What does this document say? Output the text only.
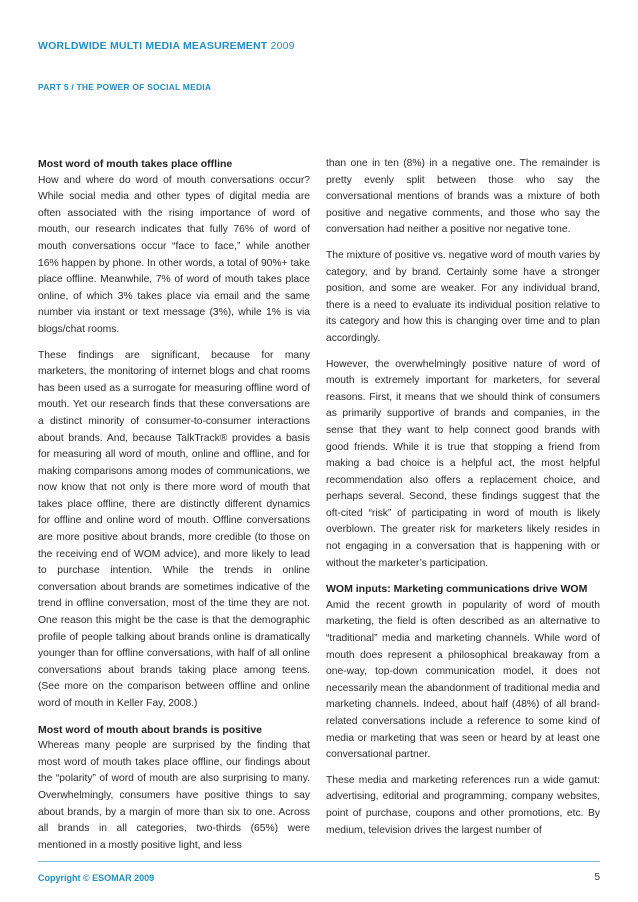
WORLDWIDE MULTI MEDIA MEASUREMENT 2009
PART 5 / THE POWER OF SOCIAL MEDIA
Most word of mouth takes place offline

How and where do word of mouth conversations occur? While social media and other types of digital media are often associated with the rising importance of word of mouth, our research indicates that fully 76% of word of mouth conversations occur “face to face,” while another 16% happen by phone. In other words, a total of 90%+ take place offline. Meanwhile, 7% of word of mouth takes place online, of which 3% takes place via email and the same number via instant or text message (3%), while 1% is via blogs/chat rooms.

These findings are significant, because for many marketers, the monitoring of internet blogs and chat rooms has been used as a surrogate for measuring offline word of mouth. Yet our research finds that these conversations are a distinct minority of consumer-to-consumer interactions about brands. And, because TalkTrack® provides a basis for measuring all word of mouth, online and offline, and for making comparisons among modes of communications, we now know that not only is there more word of mouth that takes place offline, there are distinctly different dynamics for offline and online word of mouth. Offline conversations are more positive about brands, more credible (to those on the receiving end of WOM advice), and more likely to lead to purchase intention. While the trends in online conversation about brands are sometimes indicative of the trend in offline conversation, most of the time they are not. One reason this might be the case is that the demographic profile of people talking about brands online is dramatically younger than for offline conversations, with half of all online conversations about brands taking place among teens. (See more on the comparison between offline and online word of mouth in Keller Fay, 2008.)

Most word of mouth about brands is positive

Whereas many people are surprised by the finding that most word of mouth takes place offline, our findings about the “polarity” of word of mouth are also surprising to many. Overwhelmingly, consumers have positive things to say about brands, by a margin of more than six to one. Across all brands in all categories, two-thirds (65%) were mentioned in a mostly positive light, and less

than one in ten (8%) in a negative one. The remainder is pretty evenly split between those who say the conversational mentions of brands was a mixture of both positive and negative comments, and those who say the conversation had neither a positive nor negative tone.

The mixture of positive vs. negative word of mouth varies by category, and by brand. Certainly some have a stronger position, and some are weaker. For any individual brand, there is a need to evaluate its individual position relative to its category and how this is changing over time and to plan accordingly.

However, the overwhelmingly positive nature of word of mouth is extremely important for marketers, for several reasons. First, it means that we should think of consumers as primarily supportive of brands and companies, in the sense that they want to help connect good brands with good friends. While it is true that stopping a friend from making a bad choice is a helpful act, the most helpful recommendation also offers a replacement choice, and perhaps several. Second, these findings suggest that the oft-cited “risk” of participating in word of mouth is likely overblown. The greater risk for marketers likely resides in not engaging in a conversation that is happening with or without the marketer’s participation.

WOM inputs: Marketing communications drive WOM

Amid the recent growth in popularity of word of mouth marketing, the field is often described as an alternative to “traditional” media and marketing channels. While word of mouth does represent a philosophical breakaway from a one-way, top-down communication model, it does not necessarily mean the abandonment of traditional media and marketing channels. Indeed, about half (48%) of all brand-related conversations include a reference to some kind of media or marketing that was seen or heard by at least one conversational partner.

These media and marketing references run a wide gamut: advertising, editorial and programming, company websites, point of purchase, coupons and other promotions, etc. By medium, television drives the largest number of

Copyright © ESOMAR 2009	5
